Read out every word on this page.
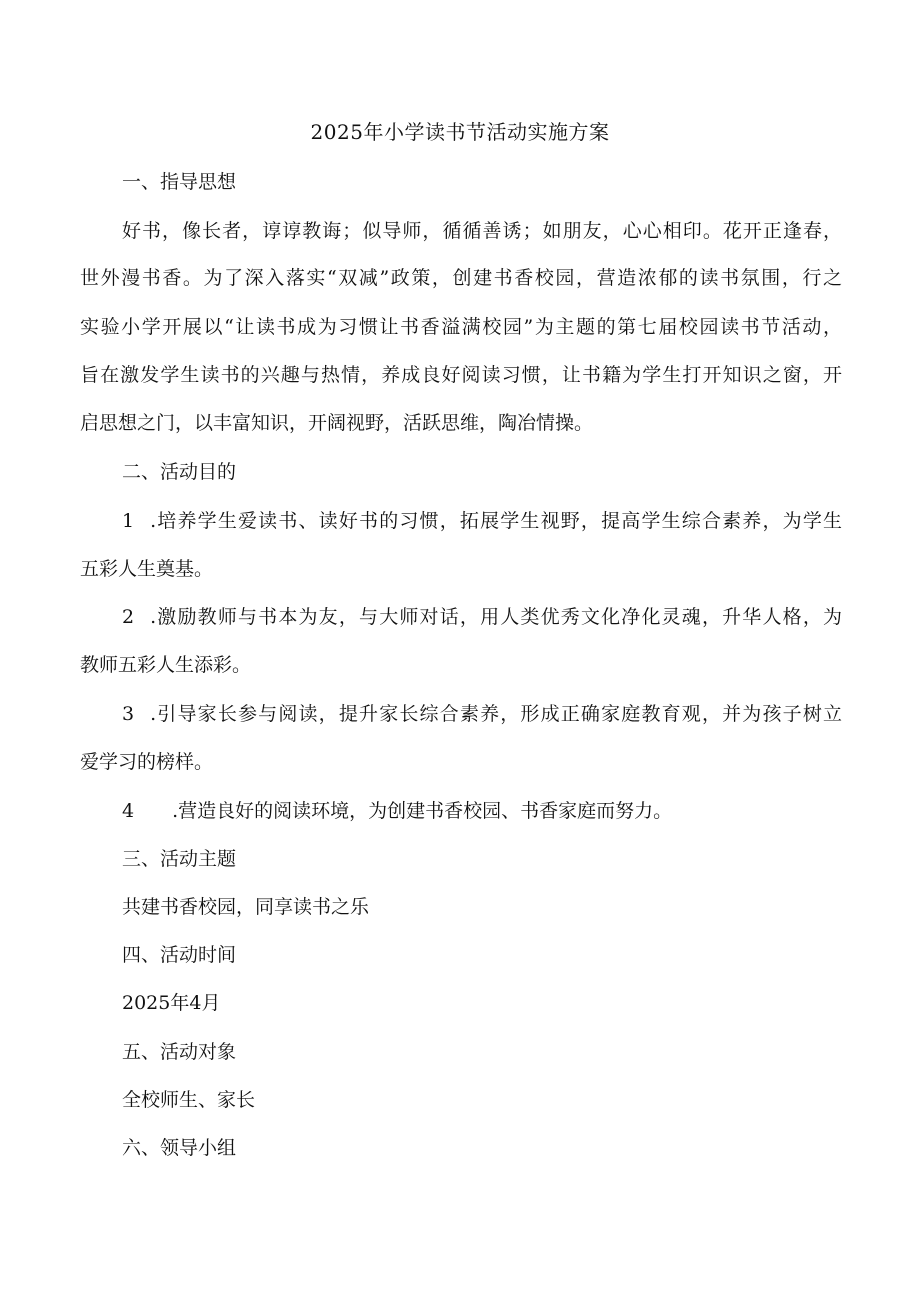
2025年小学读书节活动实施方案
一、指导思想
好书，像长者，谆谆教诲；似导师，循循善诱；如朋友，心心相印。花开正逢春，
世外漫书香。为了深入落实“双减”政策，创建书香校园，营造浓郁的读书氛围，行之
实验小学开展以“让读书成为习惯让书香溢满校园”为主题的第七届校园读书节活动，
旨在激发学生读书的兴趣与热情，养成良好阅读习惯，让书籍为学生打开知识之窗，开
启思想之门，以丰富知识，开阔视野，活跃思维，陶冶情操。
二、活动目的
1 .培养学生爱读书、读好书的习惯，拓展学生视野，提高学生综合素养，为学生
五彩人生奠基。
2 .激励教师与书本为友，与大师对话，用人类优秀文化净化灵魂，升华人格，为
教师五彩人生添彩。
3 .引导家长参与阅读，提升家长综合素养，形成正确家庭教育观，并为孩子树立
爱学习的榜样。
4 .营造良好的阅读环境，为创建书香校园、书香家庭而努力。
三、活动主题
共建书香校园，同享读书之乐
四、活动时间
2025年4月
五、活动对象
全校师生、家长
六、领导小组
